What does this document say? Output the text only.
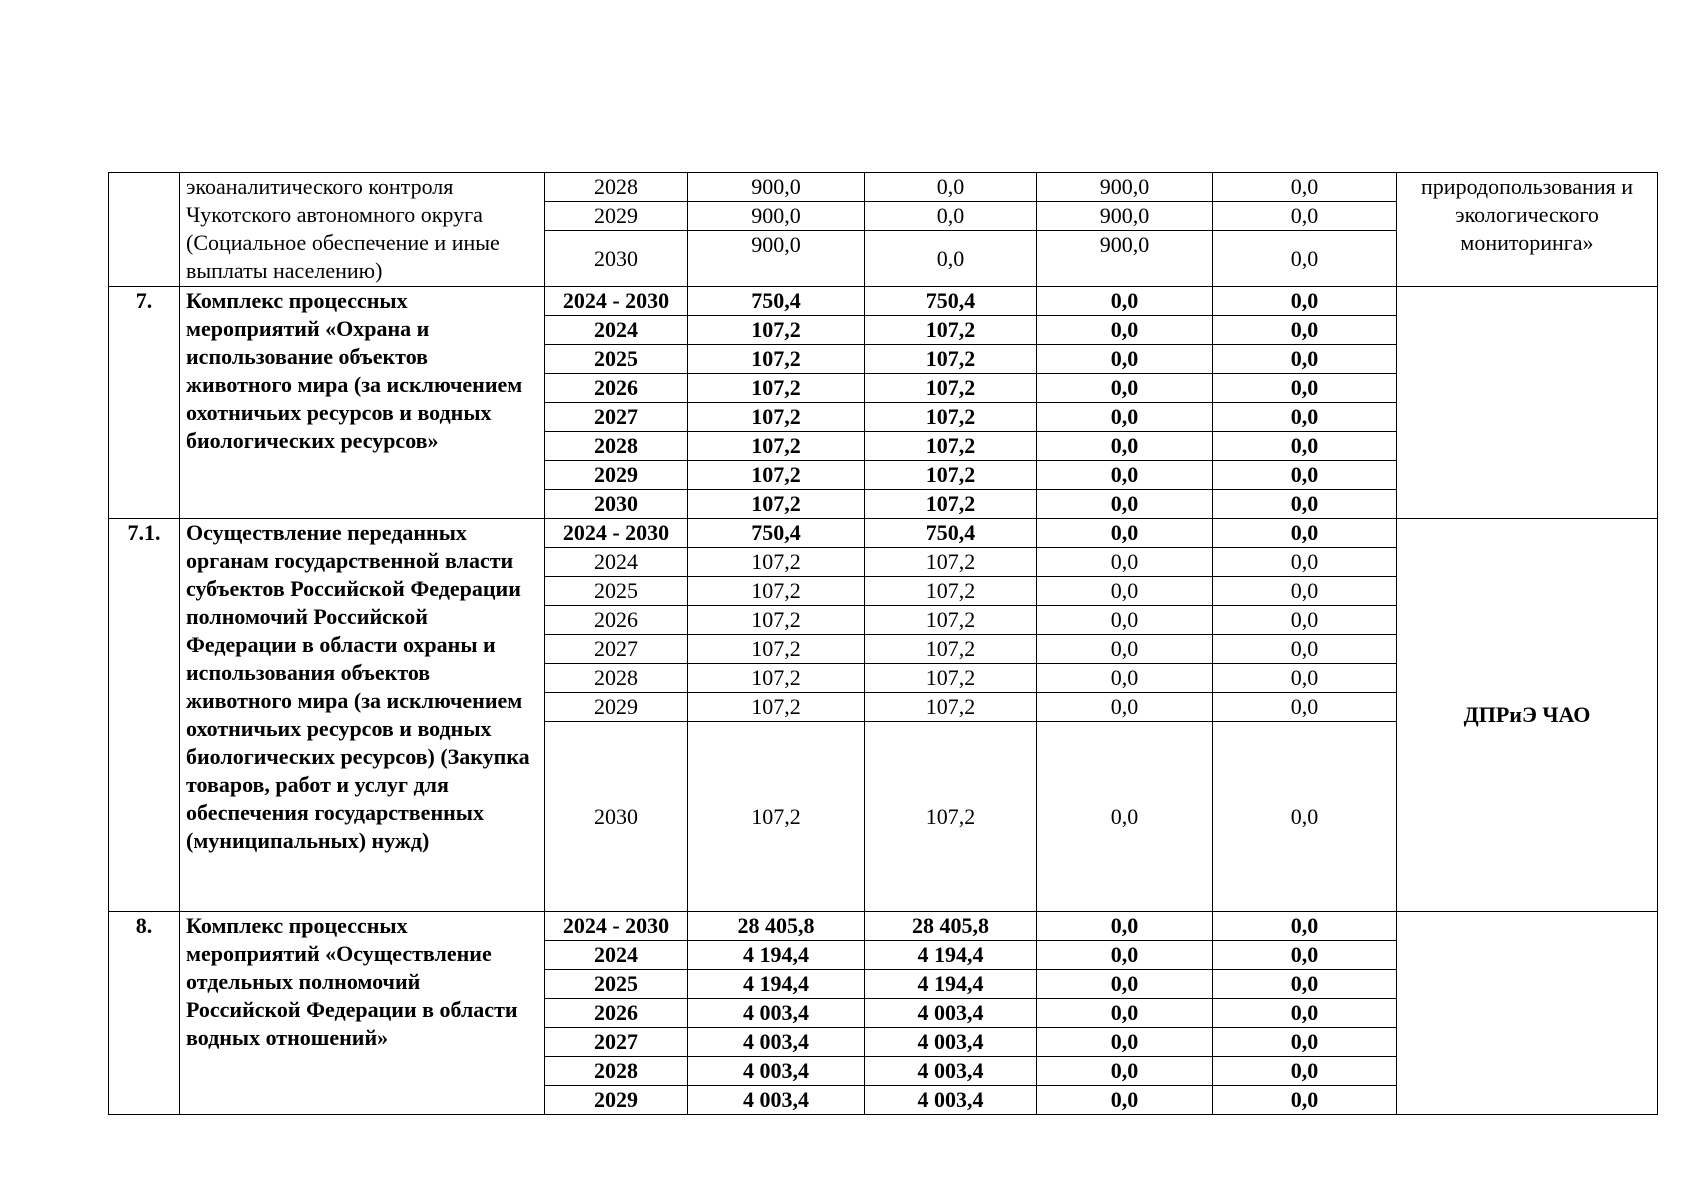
	экоаналитического контроля Чукотского автономного округа (Социальное обеспечение и иные выплаты населению)	2028	900,0	0,0	900,0	0,0	природопользования и экологического мониторинга»
		2029	900,0	0,0	900,0	0,0	
		2030	900,0	0,0	900,0	0,0	
7.	Комплекс процессных мероприятий «Охрана и использование объектов животного мира (за исключением охотничьих ресурсов и водных биологических ресурсов»	2024 - 2030	750,4	750,4	0,0	0,0	
		2024	107,2	107,2	0,0	0,0	
		2025	107,2	107,2	0,0	0,0	
		2026	107,2	107,2	0,0	0,0	
		2027	107,2	107,2	0,0	0,0	
		2028	107,2	107,2	0,0	0,0	
		2029	107,2	107,2	0,0	0,0	
		2030	107,2	107,2	0,0	0,0	
7.1.	Осуществление переданных органам государственной власти субъектов Российской Федерации полномочий Российской Федерации в области охраны и использования объектов животного мира (за исключением охотничьих ресурсов и водных биологических ресурсов) (Закупка товаров, работ и услуг для обеспечения государственных (муниципальных) нужд)	2024 - 2030	750,4	750,4	0,0	0,0	ДПРиЭ ЧАО
		2024	107,2	107,2	0,0	0,0	
		2025	107,2	107,2	0,0	0,0	
		2026	107,2	107,2	0,0	0,0	
		2027	107,2	107,2	0,0	0,0	
		2028	107,2	107,2	0,0	0,0	
		2029	107,2	107,2	0,0	0,0	
		2030	107,2	107,2	0,0	0,0	
8.	Комплекс процессных мероприятий «Осуществление отдельных полномочий Российской Федерации в области водных отношений»	2024 - 2030	28 405,8	28 405,8	0,0	0,0	
		2024	4 194,4	4 194,4	0,0	0,0	
		2025	4 194,4	4 194,4	0,0	0,0	
		2026	4 003,4	4 003,4	0,0	0,0	
		2027	4 003,4	4 003,4	0,0	0,0	
		2028	4 003,4	4 003,4	0,0	0,0	
		2029	4 003,4	4 003,4	0,0	0,0	
